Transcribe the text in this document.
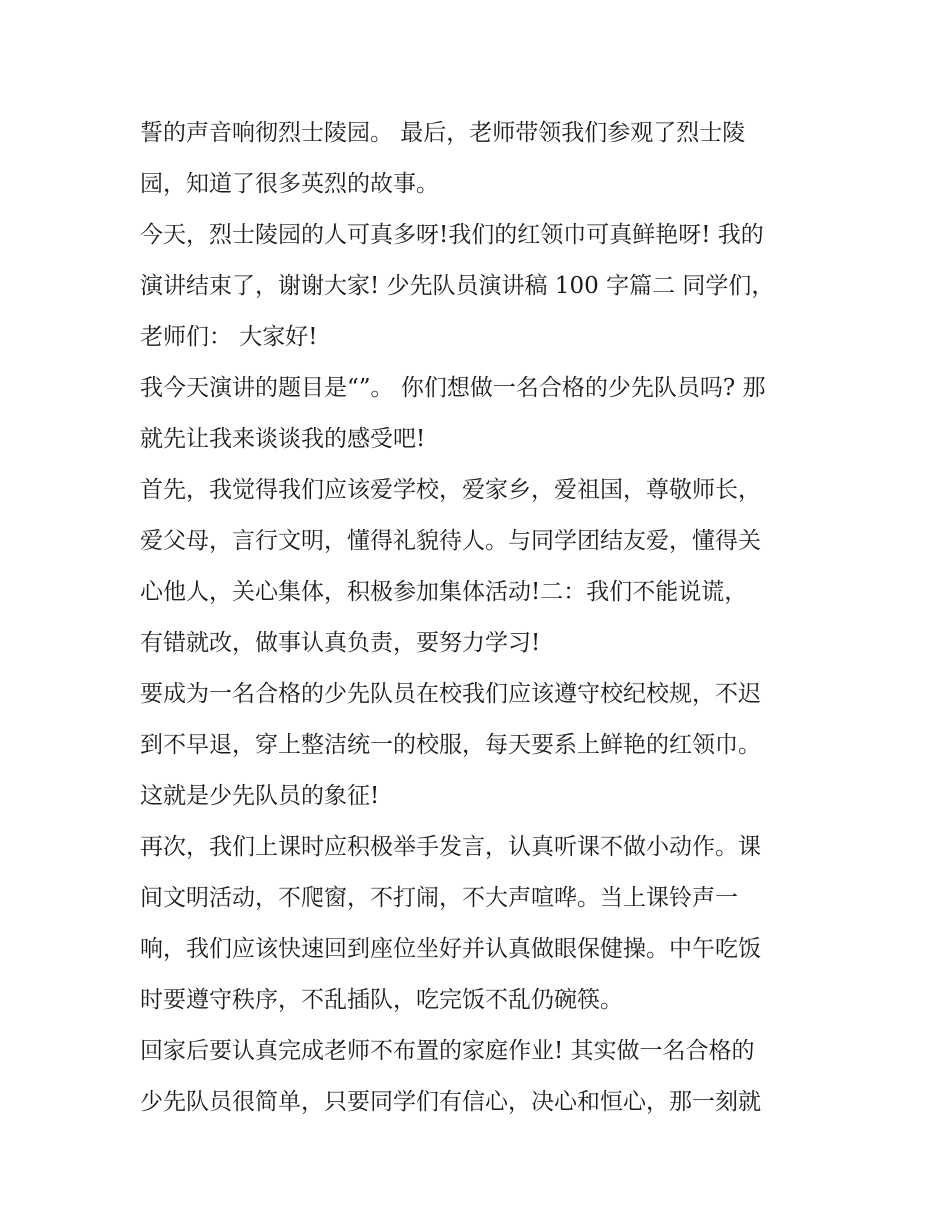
誓的声音响彻烈士陵园。 最后，老师带领我们参观了烈士陵
园，知道了很多英烈的故事。
今天，烈士陵园的人可真多呀!我们的红领巾可真鲜艳呀! 我的
演讲结束了，谢谢大家! 少先队员演讲稿 100 字篇二 同学们，
老师们： 大家好!
我今天演讲的题目是“”。 你们想做一名合格的少先队员吗? 那
就先让我来谈谈我的感受吧!
首先，我觉得我们应该爱学校，爱家乡，爱祖国，尊敬师长，
爱父母，言行文明，懂得礼貌待人。与同学团结友爱，懂得关
心他人，关心集体，积极参加集体活动!二：我们不能说谎，
有错就改，做事认真负责，要努力学习!
要成为一名合格的少先队员在校我们应该遵守校纪校规，不迟
到不早退，穿上整洁统一的校服，每天要系上鲜艳的红领巾。
这就是少先队员的象征!
再次，我们上课时应积极举手发言，认真听课不做小动作。课
间文明活动，不爬窗，不打闹，不大声喧哗。当上课铃声一
响，我们应该快速回到座位坐好并认真做眼保健操。中午吃饭
时要遵守秩序，不乱插队，吃完饭不乱仍碗筷。
回家后要认真完成老师不布置的家庭作业! 其实做一名合格的
少先队员很简单，只要同学们有信心，决心和恒心，那一刻就
